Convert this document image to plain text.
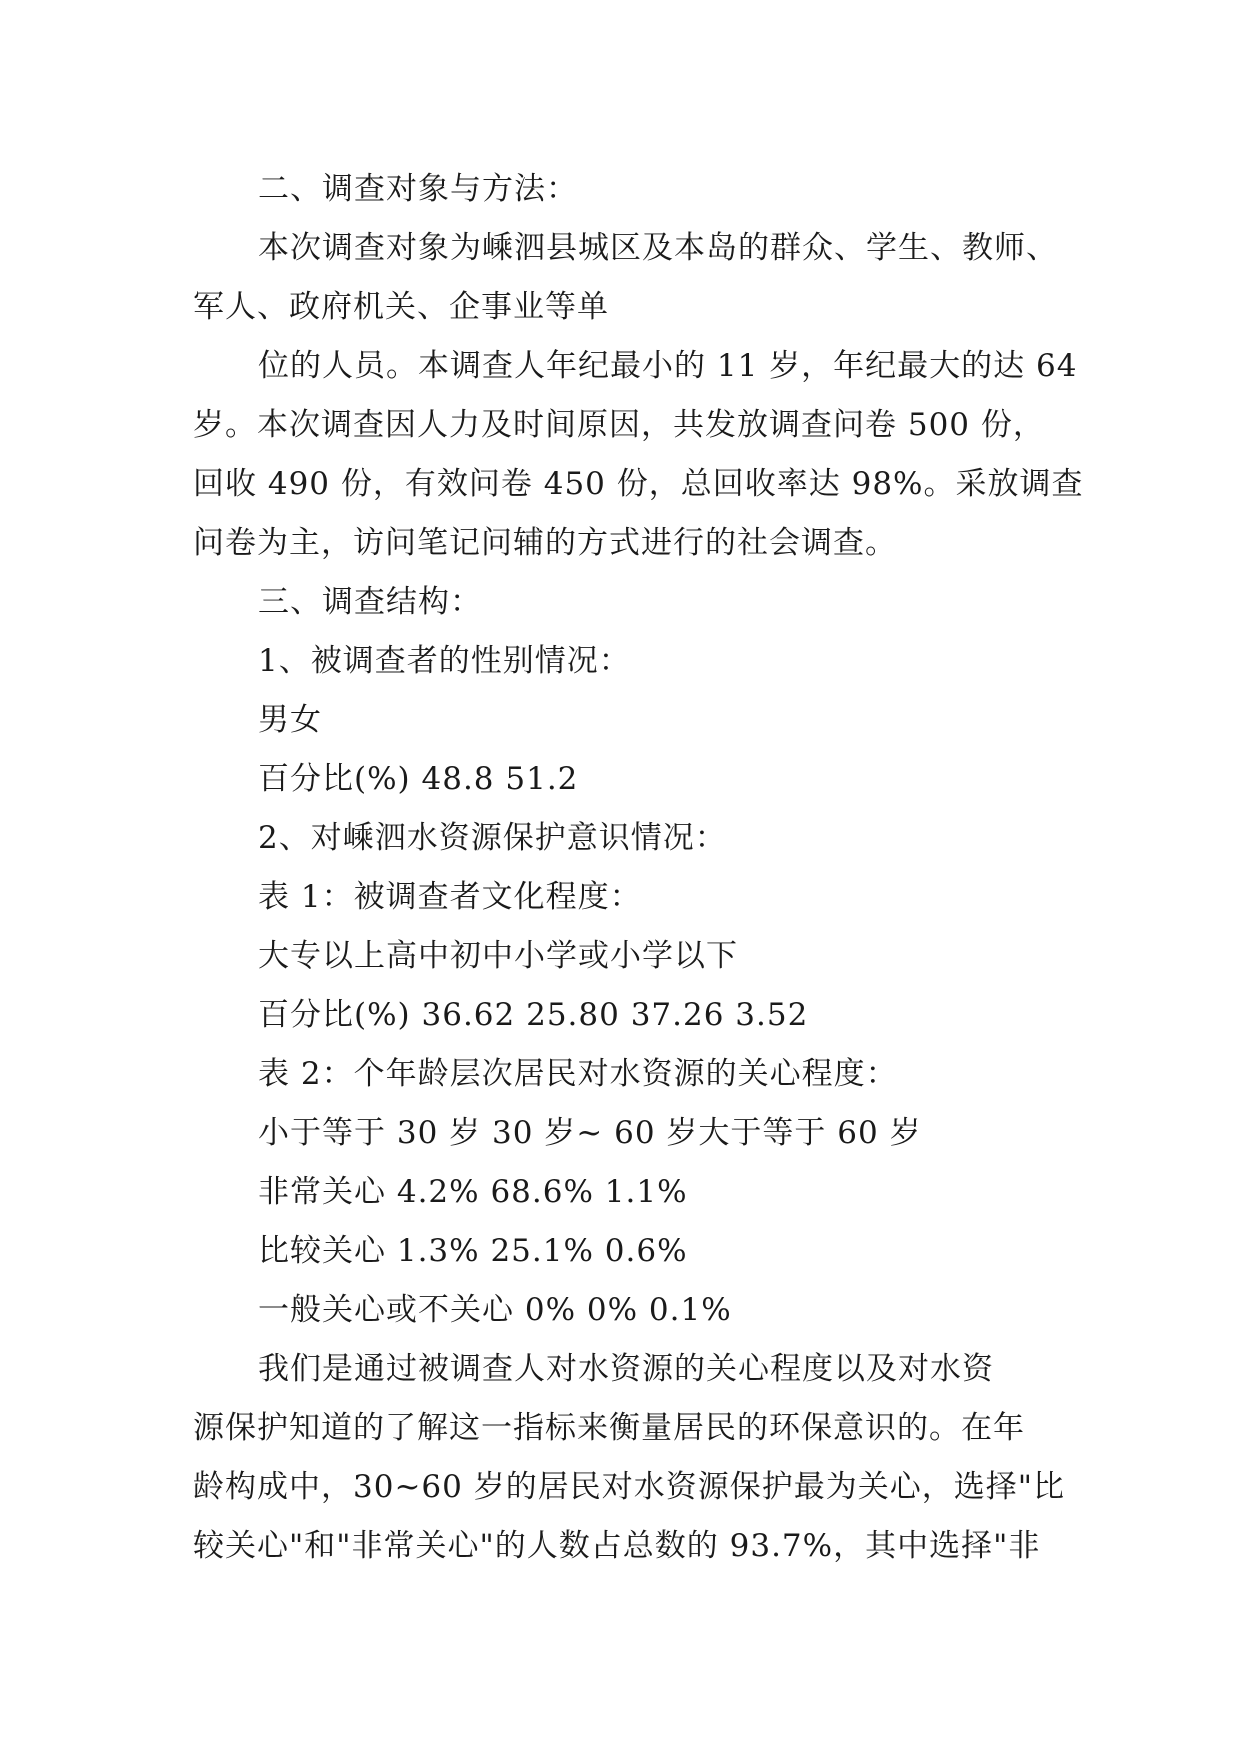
二、调查对象与方法：
本次调查对象为嵊泗县城区及本岛的群众、学生、教师、
军人、政府机关、企事业等单
位的人员。本调查人年纪最小的 11 岁，年纪最大的达 64
岁。本次调查因人力及时间原因，共发放调查问卷 500 份，
回收 490 份，有效问卷 450 份，总回收率达 98%。采放调查
问卷为主，访问笔记问辅的方式进行的社会调查。
三、调查结构：
1、被调查者的性别情况：
男女
百分比(%) 48.8 51.2
2、对嵊泗水资源保护意识情况：
表 1：被调查者文化程度：
大专以上高中初中小学或小学以下
百分比(%) 36.62 25.80 37.26 3.52
表 2：个年龄层次居民对水资源的关心程度：
小于等于 30 岁 30 岁~ 60 岁大于等于 60 岁
非常关心 4.2% 68.6% 1.1%
比较关心 1.3% 25.1% 0.6%
一般关心或不关心 0% 0% 0.1%
我们是通过被调查人对水资源的关心程度以及对水资
源保护知道的了解这一指标来衡量居民的环保意识的。在年
龄构成中，30~60 岁的居民对水资源保护最为关心，选择"比
较关心"和"非常关心"的人数占总数的 93.7%，其中选择"非
